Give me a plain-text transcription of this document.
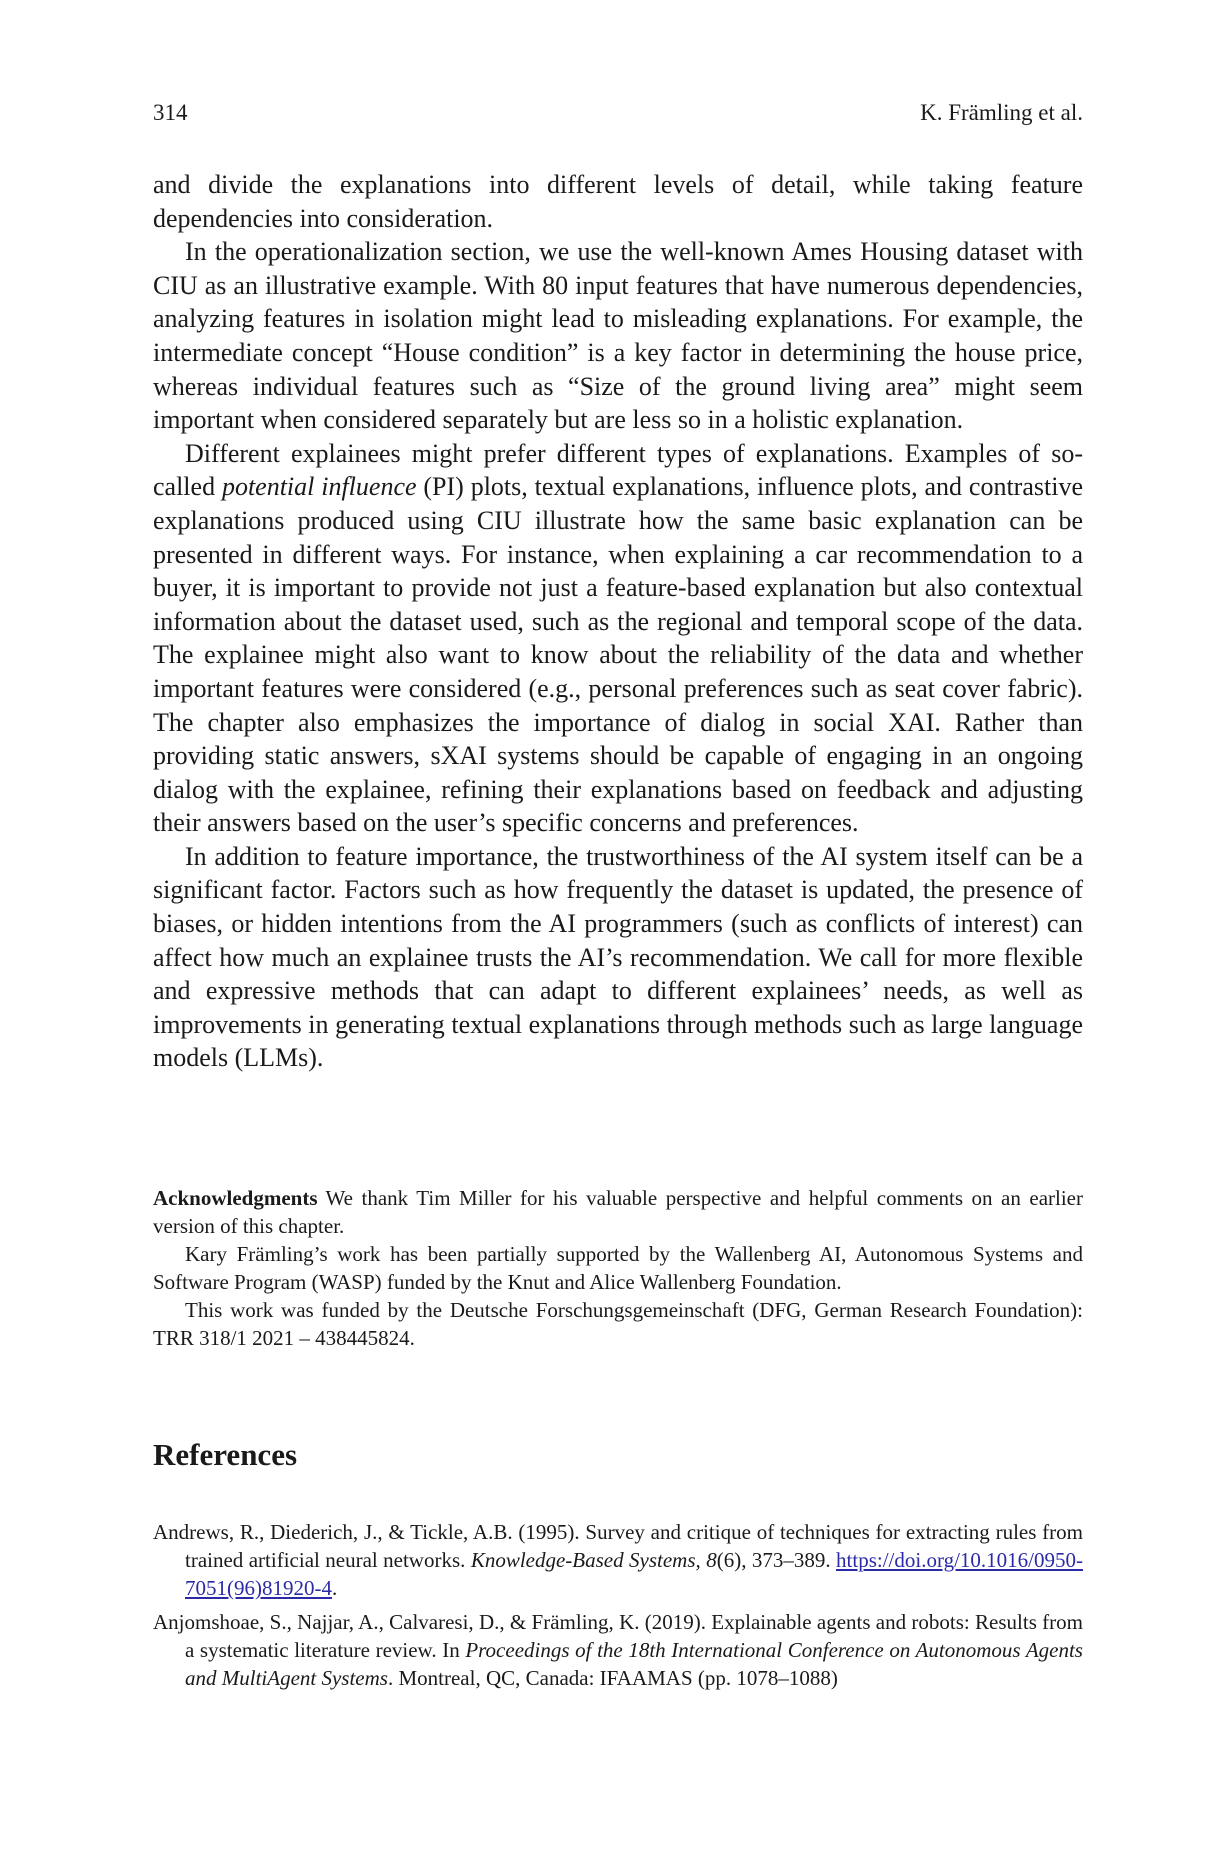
314	K. Främling et al.

and divide the explanations into different levels of detail, while taking feature dependencies into consideration.

In the operationalization section, we use the well-known Ames Housing dataset with CIU as an illustrative example. With 80 input features that have numerous dependencies, analyzing features in isolation might lead to misleading explanations. For example, the intermediate concept “House condition” is a key factor in determining the house price, whereas individual features such as “Size of the ground living area” might seem important when considered separately but are less so in a holistic explanation.

Different explainees might prefer different types of explanations. Examples of so-called potential influence (PI) plots, textual explanations, influence plots, and contrastive explanations produced using CIU illustrate how the same basic explanation can be presented in different ways. For instance, when explaining a car recommendation to a buyer, it is important to provide not just a feature-based explanation but also contextual information about the dataset used, such as the regional and temporal scope of the data. The explainee might also want to know about the reliability of the data and whether important features were considered (e.g., personal preferences such as seat cover fabric). The chapter also emphasizes the importance of dialog in social XAI. Rather than providing static answers, sXAI systems should be capable of engaging in an ongoing dialog with the explainee, refining their explanations based on feedback and adjusting their answers based on the user’s specific concerns and preferences.

In addition to feature importance, the trustworthiness of the AI system itself can be a significant factor. Factors such as how frequently the dataset is updated, the presence of biases, or hidden intentions from the AI programmers (such as conflicts of interest) can affect how much an explainee trusts the AI’s recommendation. We call for more flexible and expressive methods that can adapt to different explainees’ needs, as well as improvements in generating textual explanations through methods such as large language models (LLMs).

Acknowledgments We thank Tim Miller for his valuable perspective and helpful comments on an earlier version of this chapter.

Kary Främling’s work has been partially supported by the Wallenberg AI, Autonomous Systems and Software Program (WASP) funded by the Knut and Alice Wallenberg Foundation.

This work was funded by the Deutsche Forschungsgemeinschaft (DFG, German Research Foundation): TRR 318/1 2021 – 438445824.

References

Andrews, R., Diederich, J., & Tickle, A.B. (1995). Survey and critique of techniques for extracting rules from trained artificial neural networks. Knowledge-Based Systems, 8(6), 373–389. https://doi.org/10.1016/0950-7051(96)81920-4.

Anjomshoae, S., Najjar, A., Calvaresi, D., & Främling, K. (2019). Explainable agents and robots: Results from a systematic literature review. In Proceedings of the 18th International Conference on Autonomous Agents and MultiAgent Systems. Montreal, QC, Canada: IFAAMAS (pp. 1078–1088)
